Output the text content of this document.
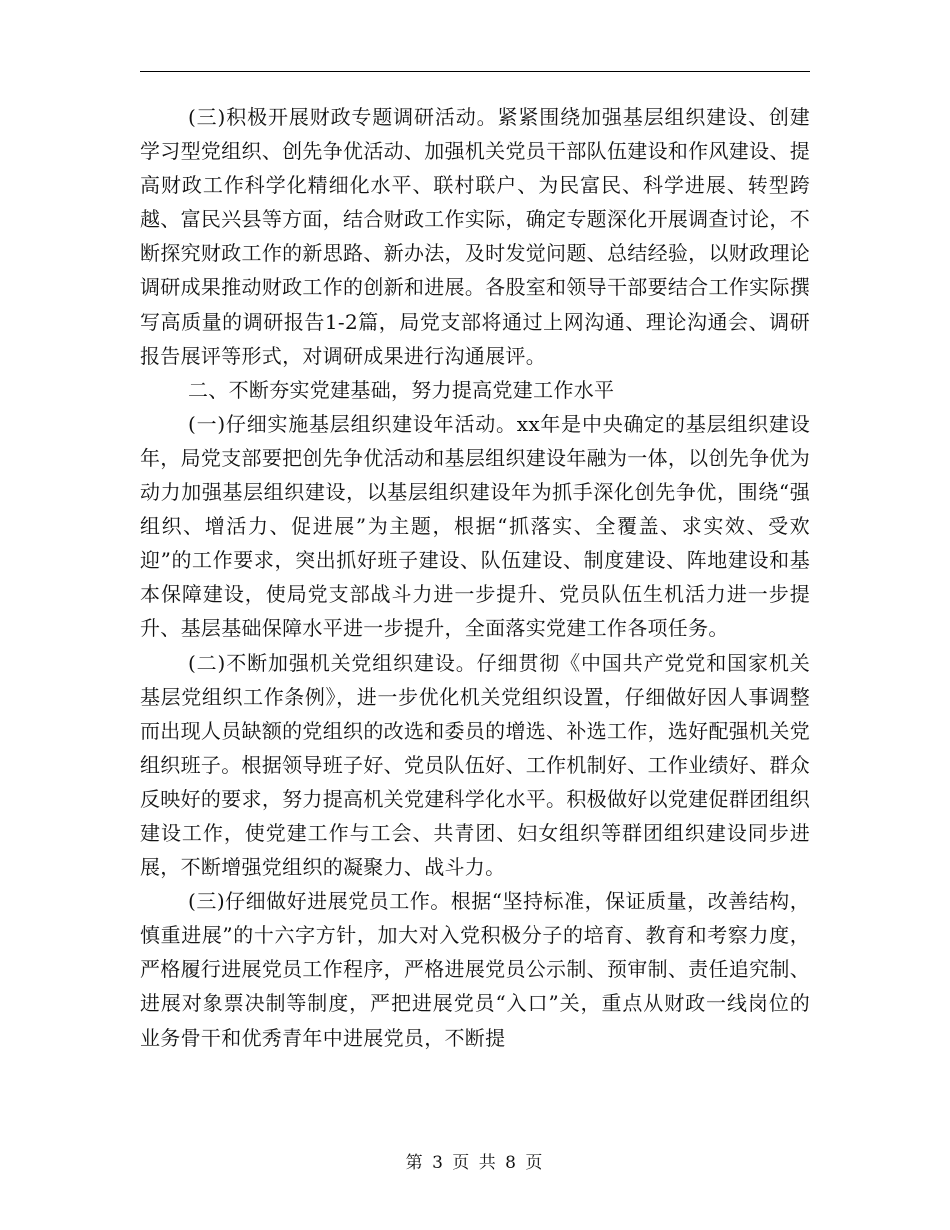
(三)积极开展财政专题调研活动。紧紧围绕加强基层组织建设、创建学习型党组织、创先争优活动、加强机关党员干部队伍建设和作风建设、提高财政工作科学化精细化水平、联村联户、为民富民、科学进展、转型跨越、富民兴县等方面，结合财政工作实际，确定专题深化开展调查讨论，不断探究财政工作的新思路、新办法，及时发觉问题、总结经验，以财政理论调研成果推动财政工作的创新和进展。各股室和领导干部要结合工作实际撰写高质量的调研报告1-2篇，局党支部将通过上网沟通、理论沟通会、调研报告展评等形式，对调研成果进行沟通展评。

二、不断夯实党建基础，努力提高党建工作水平

(一)仔细实施基层组织建设年活动。xx年是中央确定的基层组织建设年，局党支部要把创先争优活动和基层组织建设年融为一体，以创先争优为动力加强基层组织建设，以基层组织建设年为抓手深化创先争优，围绕“强组织、增活力、促进展”为主题，根据“抓落实、全覆盖、求实效、受欢迎”的工作要求，突出抓好班子建设、队伍建设、制度建设、阵地建设和基本保障建设，使局党支部战斗力进一步提升、党员队伍生机活力进一步提升、基层基础保障水平进一步提升，全面落实党建工作各项任务。

(二)不断加强机关党组织建设。仔细贯彻《中国共产党党和国家机关基层党组织工作条例》，进一步优化机关党组织设置，仔细做好因人事调整而出现人员缺额的党组织的改选和委员的增选、补选工作，选好配强机关党组织班子。根据领导班子好、党员队伍好、工作机制好、工作业绩好、群众反映好的要求，努力提高机关党建科学化水平。积极做好以党建促群团组织建设工作，使党建工作与工会、共青团、妇女组织等群团组织建设同步进展，不断增强党组织的凝聚力、战斗力。

(三)仔细做好进展党员工作。根据“坚持标准，保证质量，改善结构，慎重进展”的十六字方针，加大对入党积极分子的培育、教育和考察力度，严格履行进展党员工作程序，严格进展党员公示制、预审制、责任追究制、进展对象票决制等制度，严把进展党员“入口”关，重点从财政一线岗位的业务骨干和优秀青年中进展党员，不断提

第 3 页 共 8 页
